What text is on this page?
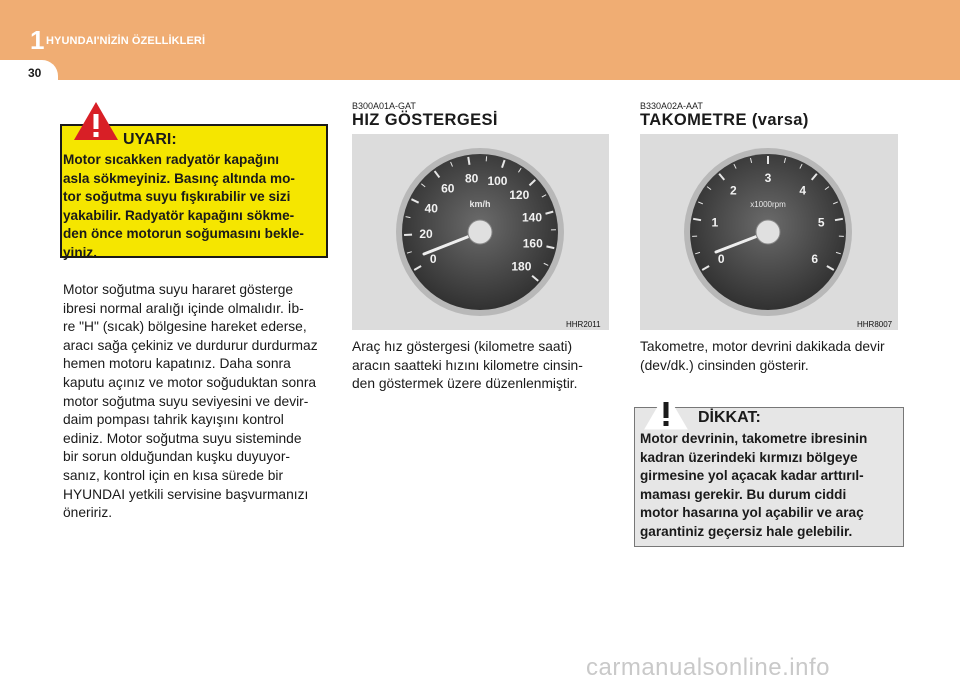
1 HYUNDAI'NİZİN ÖZELLİKLERİ
30
UYARI:
Motor sıcakken radyatör kapağını
asla sökmeyiniz. Basınç altında mo-
tor soğutma suyu fışkırabilir ve sizi
yakabilir. Radyatör kapağını sökme-
den önce motorun soğumasını bekle-
yiniz.
Motor soğutma suyu hararet gösterge
ibresi normal aralığı içinde olmalıdır. İb-
re "H" (sıcak) bölgesine hareket ederse,
aracı sağa çekiniz ve durdurur durdurmaz
hemen motoru kapatınız. Daha sonra
kaputu açınız ve motor soğuduktan sonra
motor soğutma suyu seviyesini ve devir-
daim pompası tahrik kayışını kontrol
ediniz. Motor soğutma suyu sisteminde
bir sorun olduğundan kuşku duyuyor-
sanız, kontrol için en kısa sürede bir
HYUNDAI yetkili servisine başvurmanızı
öneririz.
B300A01A-GAT
HIZ GÖSTERGESİ
0
20
40
60
80 100
120
140
160
180
km/h
HHR2011
Araç hız göstergesi (kilometre saati)
aracın saatteki hızını kilometre cinsin-
den göstermek üzere düzenlenmiştir.
B330A02A-AAT
TAKOMETRE (varsa)
0
1
2
3
4
5
6
x1000rpm
HHR8007
Takometre, motor devrini dakikada devir
(dev/dk.) cinsinden gösterir.
DİKKAT:
Motor devrinin, takometre ibresinin
kadran üzerindeki kırmızı bölgeye
girmesine yol açacak kadar arttırıl-
maması gerekir. Bu durum ciddi
motor hasarına yol açabilir ve araç
garantiniz geçersiz hale gelebilir.
carmanualsonline.info
